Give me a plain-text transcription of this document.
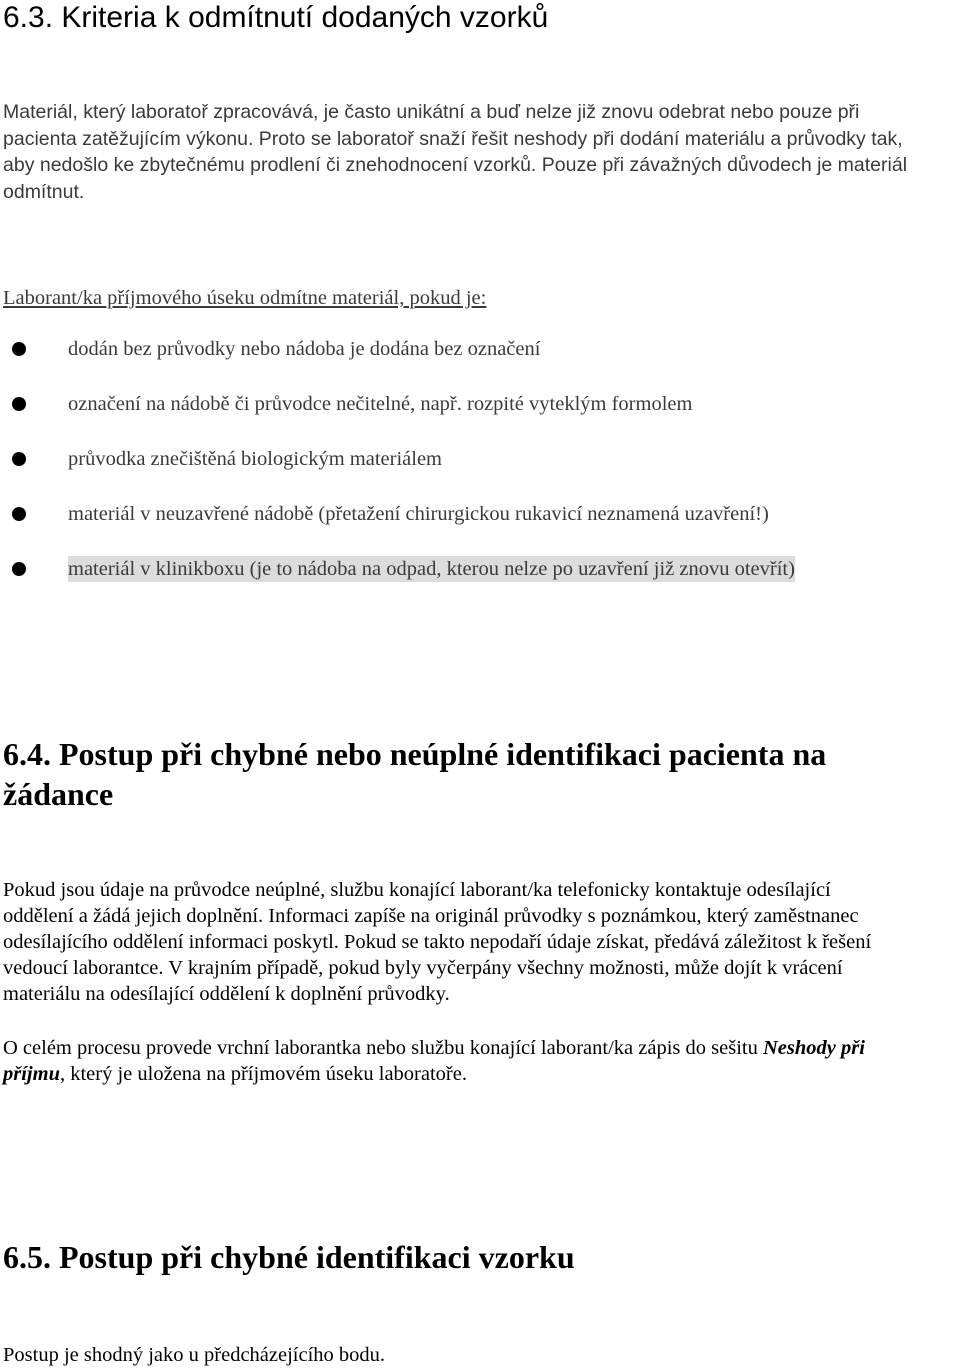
6.3. Kriteria k odmítnutí dodaných vzorků
Materiál, který laboratoř zpracovává, je často unikátní a buď nelze již znovu odebrat nebo pouze při
pacienta zatěžujícím výkonu. Proto se laboratoř snaží řešit neshody při dodání materiálu a průvodky tak,
aby nedošlo ke zbytečnému prodlení či znehodnocení vzorků. Pouze při závažných důvodech je materiál
odmítnut.
Laborant/ka příjmového úseku odmítne materiál, pokud je:
dodán bez průvodky nebo nádoba je dodána bez označení
označení na nádobě či průvodce nečitelné, např. rozpité vyteklým formolem
průvodka znečištěná biologickým materiálem
materiál v neuzavřené nádobě (přetažení chirurgickou rukavicí neznamená uzavření!)
materiál v klinikboxu (je to nádoba na odpad, kterou nelze po uzavření již znovu otevřít)
6.4. Postup při chybné nebo neúplné identifikaci pacienta na
žádance
Pokud jsou údaje na průvodce neúplné, službu konající laborant/ka telefonicky kontaktuje odesílající
oddělení a žádá jejich doplnění. Informaci zapíše na originál průvodky s poznámkou, který zaměstnanec
odesílajícího oddělení informaci poskytl. Pokud se takto nepodaří údaje získat, předává záležitost k řešení
vedoucí laborantce. V krajním případě, pokud byly vyčerpány všechny možnosti, může dojít k vrácení
materiálu na odesílající oddělení k doplnění průvodky.
O celém procesu provede vrchní laborantka nebo službu konající laborant/ka zápis do sešitu Neshody při
příjmu, který je uložena na příjmovém úseku laboratoře.
6.5. Postup při chybné identifikaci vzorku
Postup je shodný jako u předcházejícího bodu.
